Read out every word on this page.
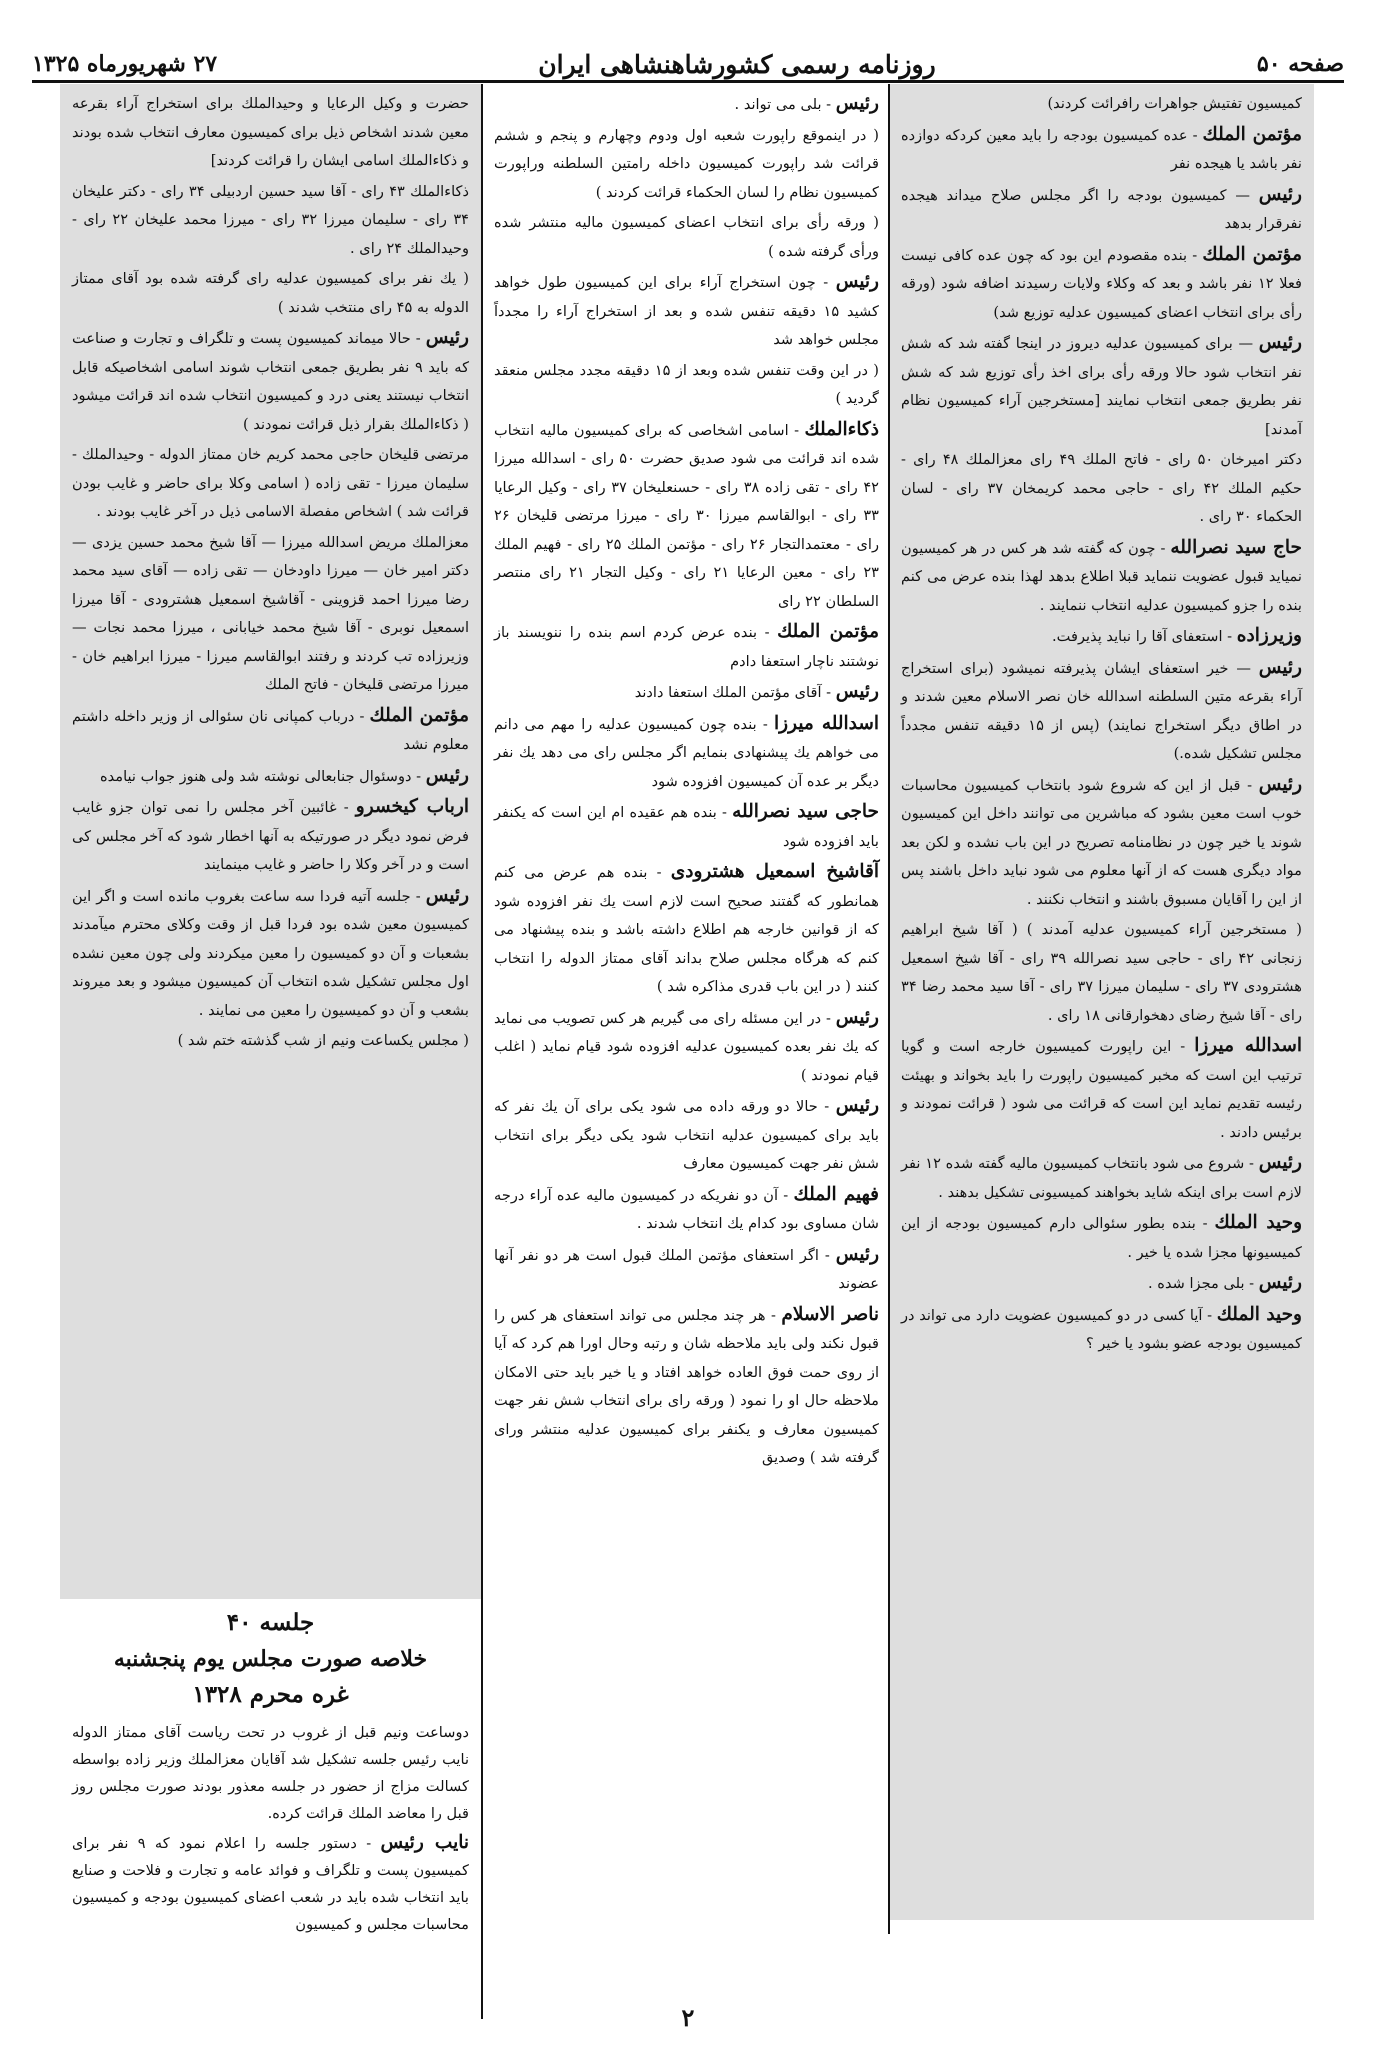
صفحه ۵۰
روزنامه رسمی کشورشاهنشاهی ایران
۲۷ شهریورماه ۱۳۲۵

کمیسیون تفتیش جواهرات رافرائت کردند)

مؤتمن الملك - عده کمیسیون بودجه را باید معین کردکه دوازده نفر باشد یا هیجده نفر

رئیس — کمیسیون بودجه را اگر مجلس صلاح میداند هیجده نفرقرار بدهد

مؤتمن الملك - بنده مقصودم این بود که چون عده کافی نیست فعلا ۱۲ نفر باشد و بعد که وکلاء ولایات رسیدند اضافه شود (ورقه رأی برای انتخاب اعضای کمیسیون عدلیه توزیع شد)

رئیس — برای کمیسیون عدلیه دیروز در اینجا گفته شد که شش نفر انتخاب شود حالا ورقه رأی برای اخذ رأی توزیع شد که شش نفر بطریق جمعی انتخاب نمایند [مستخرجین آراء کمیسیون نظام آمدند]

دکتر امیرخان ۵۰ رای - فاتح الملك ۴۹ رای معزالملك ۴۸ رای - حکیم الملك ۴۲ رای - حاجی محمد کریمخان ۳۷ رای - لسان الحکماء ۳۰ رای .

حاج سید نصرالله - چون که گفته شد هر کس در هر کمیسیون نمیاید قبول عضویت ننماید قبلا اطلاع بدهد لهذا بنده عرض می کنم بنده را جزو کمیسیون عدلیه انتخاب ننمایند .

وزیرزاده - استعفای آقا را نباید پذیرفت.

رئیس — خیر استعفای ایشان پذیرفته نمیشود (برای استخراج آراء بقرعه متین السلطنه اسدالله خان نصر الاسلام معین شدند و در اطاق دیگر استخراج نمایند) (پس از ۱۵ دقیقه تنفس مجدداً مجلس تشکیل شده.)

رئیس - قبل از این که شروع شود بانتخاب کمیسیون محاسبات خوب است معین بشود که مباشرین می توانند داخل این کمیسیون شوند یا خیر چون در نظامنامه تصریح در این باب نشده و لکن بعد مواد دیگری هست که از آنها معلوم می شود نباید داخل باشند پس از این را آقایان مسبوق باشند و انتخاب نکنند .

( مستخرجین آراء کمیسیون عدلیه آمدند ) ( آقا شیخ ابراهیم زنجانی ۴۲ رای - حاجی سید نصرالله ۳۹ رای - آقا شیخ اسمعیل هشترودی ۳۷ رای - سلیمان میرزا ۳۷ رای - آقا سید محمد رضا ۳۴ رای - آقا شیخ رضای دهخوارقانی ۱۸ رای .

اسدالله میرزا - این راپورت کمیسیون خارجه است و گویا ترتیب این است که مخبر کمیسیون راپورت را باید بخواند و بهیئت رئیسه تقدیم نماید این است که قرائت می شود ( قرائت نمودند و برئیس دادند .

رئیس - شروع می شود بانتخاب کمیسیون مالیه گفته شده ۱۲ نفر لازم است برای اینکه شاید بخواهند کمیسیونی تشکیل بدهند .

وحید الملك - بنده بطور سئوالی دارم کمیسیون بودجه از این کمیسیونها مجزا شده یا خیر .

رئیس - بلی مجزا شده .

وحید الملك - آیا کسی در دو کمیسیون عضویت دارد می تواند در کمیسیون بودجه عضو بشود یا خیر ؟

رئیس - بلی می تواند .

( در اینموقع راپورت شعبه اول ودوم وچهارم و پنجم و ششم قرائت شد راپورت کمیسیون داخله رامتین السلطنه وراپورت کمیسیون نظام را لسان الحکماء قرائت کردند )

( ورقه رأی برای انتخاب اعضای کمیسیون مالیه منتشر شده ورأی گرفته شده )

رئیس - چون استخراج آراء برای این کمیسیون طول خواهد کشید ۱۵ دقیقه تنفس شده و بعد از استخراج آراء را مجدداً مجلس خواهد شد

( در این وقت تنفس شده وبعد از ۱۵ دقیقه مجدد مجلس منعقد گردید )

ذکاءالملك - اسامی اشخاصی که برای کمیسیون مالیه انتخاب شده اند قرائت می شود صدیق حضرت ۵۰ رای - اسدالله میرزا ۴۲ رای - تقی زاده ۳۸ رای - حسنعلیخان ۳۷ رای - وکیل الرعایا ۳۳ رای - ابوالقاسم میرزا ۳۰ رای - میرزا مرتضی قلیخان ۲۶ رای - معتمدالتجار ۲۶ رای - مؤتمن الملك ۲۵ رای - فهیم الملك ۲۳ رای - معین الرعایا ۲۱ رای - وکیل التجار ۲۱ رای منتصر السلطان ۲۲ رای

مؤتمن الملك - بنده عرض کردم اسم بنده را ننویسند باز نوشتند ناچار استعفا دادم

رئیس - آقای مؤتمن الملك استعفا دادند

اسدالله میرزا - بنده چون کمیسیون عدلیه را مهم می دانم می خواهم یك پیشنهادی بنمایم اگر مجلس رای می دهد یك نفر دیگر بر عده آن کمیسیون افزوده شود

حاجی سید نصرالله - بنده هم عقیده ام این است که یکنفر باید افزوده شود

آقاشیخ اسمعیل هشترودی - بنده هم عرض می کنم همانطور که گفتند صحیح است لازم است یك نفر افزوده شود که از قوانین خارجه هم اطلاع داشته باشد و بنده پیشنهاد می کنم که هرگاه مجلس صلاح بداند آقای ممتاز الدوله را انتخاب کنند ( در این باب قدری مذاکره شد )

رئیس - در این مسئله رای می گیریم هر کس تصویب می نماید که یك نفر بعده کمیسیون عدلیه افزوده شود قیام نماید ( اغلب قیام نمودند )

رئیس - حالا دو ورقه داده می شود یکی برای آن یك نفر که باید برای کمیسیون عدلیه انتخاب شود یکی دیگر برای انتخاب شش نفر جهت کمیسیون معارف

فهیم الملك - آن دو نفریکه در کمیسیون مالیه عده آراء درجه شان مساوی بود کدام یك انتخاب شدند .

رئیس - اگر استعفای مؤتمن الملك قبول است هر دو نفر آنها عضوند

ناصر الاسلام - هر چند مجلس می تواند استعفای هر کس را قبول نکند ولی باید ملاحظه شان و رتبه وحال اورا هم کرد که آیا از روی حمت فوق العاده خواهد افتاد و یا خیر باید حتی الامکان ملاحظه حال او را نمود ( ورقه رای برای انتخاب شش نفر جهت کمیسیون معارف و یکنفر برای کمیسیون عدلیه منتشر ورای گرفته شد ) وصدیق

حضرت و وکیل الرعایا و وحیدالملك برای استخراج آراء بقرعه معین شدند اشخاص ذیل برای کمیسیون معارف انتخاب شده بودند و ذکاءالملك اسامی ایشان را قرائت کردند]

ذکاءالملك ۴۳ رای - آقا سید حسین اردبیلی ۳۴ رای - دکتر علیخان ۳۴ رای - سلیمان میرزا ۳۲ رای - میرزا محمد علیخان ۲۲ رای - وحیدالملك ۲۴ رای .

( یك نفر برای کمیسیون عدلیه رای گرفته شده بود آقای ممتاز الدوله به ۴۵ رای منتخب شدند )

رئیس - حالا میماند کمیسیون پست و تلگراف و تجارت و صناعت که باید ۹ نفر بطریق جمعی انتخاب شوند اسامی اشخاصیکه قابل انتخاب نیستند یعنی درد و کمیسیون انتخاب شده اند قرائت میشود ( ذکاءالملك بقرار ذیل قرائت نمودند )

مرتضی قلیخان حاجی محمد کریم خان ممتاز الدوله - وحیدالملك - سلیمان میرزا - تقی زاده ( اسامی وکلا برای حاضر و غایب بودن قرائت شد ) اشخاص مفصلة الاسامی ذیل در آخر غایب بودند .

معزالملك مریض اسدالله میرزا — آقا شیخ محمد حسین یزدی — دکتر امیر خان — میرزا داودخان — تقی زاده — آقای سید محمد رضا میرزا احمد قزوینی - آقاشیخ اسمعیل هشترودی - آقا میرزا اسمعیل نوبری - آقا شیخ محمد خیابانی ، میرزا محمد نجات — وزیرزاده تب کردند و رفتند ابوالقاسم میرزا - میرزا ابراهیم خان - میرزا مرتضی قلیخان - فاتح الملك

مؤتمن الملك - درباب کمپانی نان سئوالی از وزیر داخله داشتم معلوم نشد

رئیس - دوسئوال جنابعالی نوشته شد ولی هنوز جواب نیامده

ارباب کیخسرو - غائبین آخر مجلس را نمی توان جزو غایب فرض نمود دیگر در صورتیکه به آنها اخطار شود که آخر مجلس کی است و در آخر وکلا را حاضر و غایب مینمایند

رئیس - جلسه آتیه فردا سه ساعت بغروب مانده است و اگر این کمیسیون معین شده بود فردا قبل از وقت وکلای محترم میآمدند بشعبات و آن دو کمیسیون را معین میکردند ولی چون معین نشده اول مجلس تشکیل شده انتخاب آن کمیسیون میشود و بعد میروند بشعب و آن دو کمیسیون را معین می نمایند .

( مجلس یکساعت ونیم از شب گذشته ختم شد )

جلسه ۴۰
خلاصه صورت مجلس یوم پنجشنبه
غره محرم ۱۳۲۸

دوساعت ونیم قبل از غروب در تحت ریاست آقای ممتاز الدوله نایب رئیس جلسه تشکیل شد آقایان معزالملك وزیر زاده بواسطه کسالت مزاج از حضور در جلسه معذور بودند صورت مجلس روز قبل را معاضد الملك قرائت کرده.

نایب رئیس - دستور جلسه را اعلام نمود که ۹ نفر برای کمیسیون پست و تلگراف و فوائد عامه و تجارت و فلاحت و صنایع باید انتخاب شده باید در شعب اعضای کمیسیون بودجه و کمیسیون محاسبات مجلس و کمیسیون

۲
